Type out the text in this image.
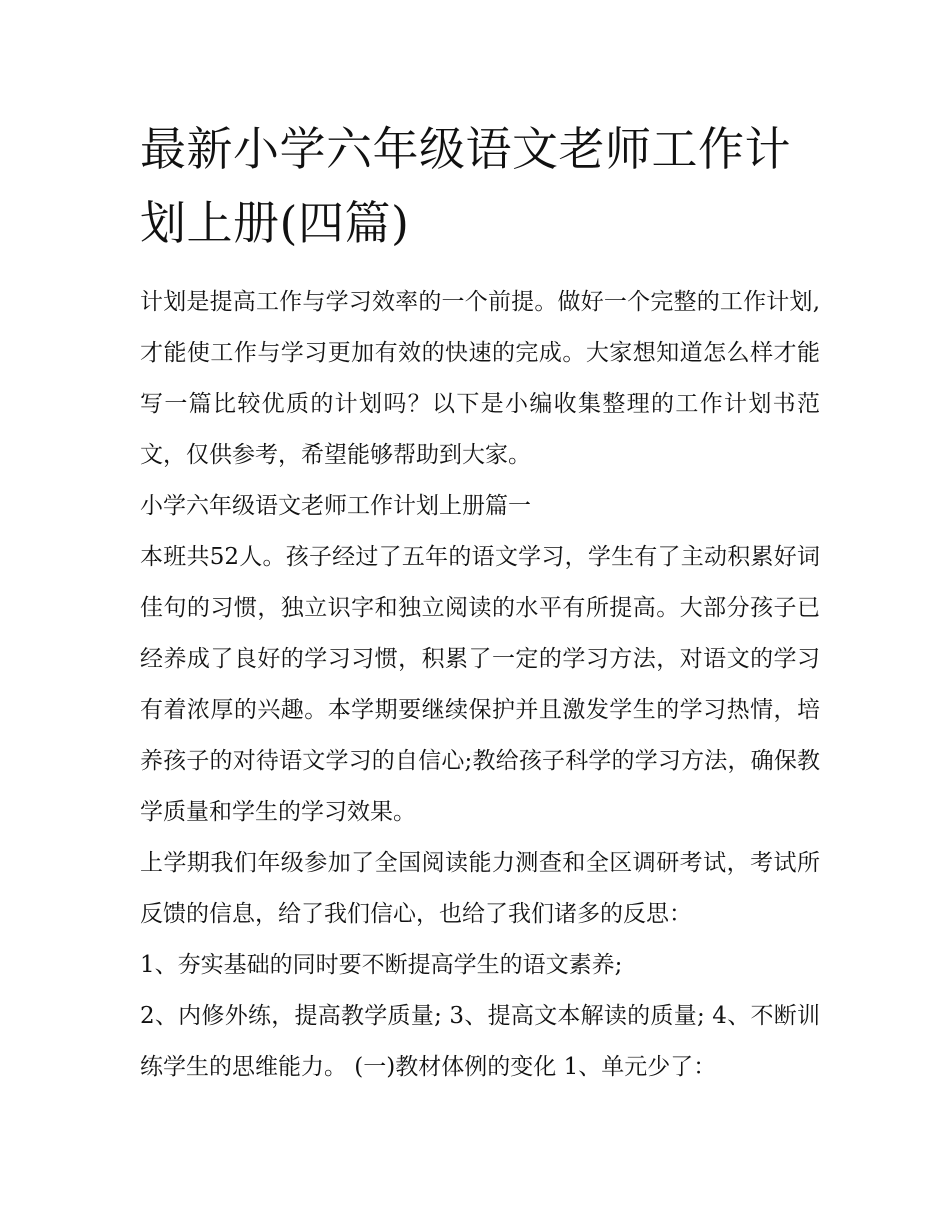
最新小学六年级语文老师工作计划上册(四篇)

计划是提高工作与学习效率的一个前提。做好一个完整的工作计划,才能使工作与学习更加有效的快速的完成。大家想知道怎么样才能写一篇比较优质的计划吗？以下是小编收集整理的工作计划书范文，仅供参考，希望能够帮助到大家。

小学六年级语文老师工作计划上册篇一

本班共52人。孩子经过了五年的语文学习，学生有了主动积累好词佳句的习惯，独立识字和独立阅读的水平有所提高。大部分孩子已经养成了良好的学习习惯，积累了一定的学习方法，对语文的学习有着浓厚的兴趣。本学期要继续保护并且激发学生的学习热情，培养孩子的对待语文学习的自信心;教给孩子科学的学习方法，确保教学质量和学生的学习效果。

上学期我们年级参加了全国阅读能力测查和全区调研考试，考试所反馈的信息，给了我们信心，也给了我们诸多的反思：

1、夯实基础的同时要不断提高学生的语文素养;

2、内修外练，提高教学质量; 3、提高文本解读的质量; 4、不断训练学生的思维能力。 (一)教材体例的变化 1、单元少了：
